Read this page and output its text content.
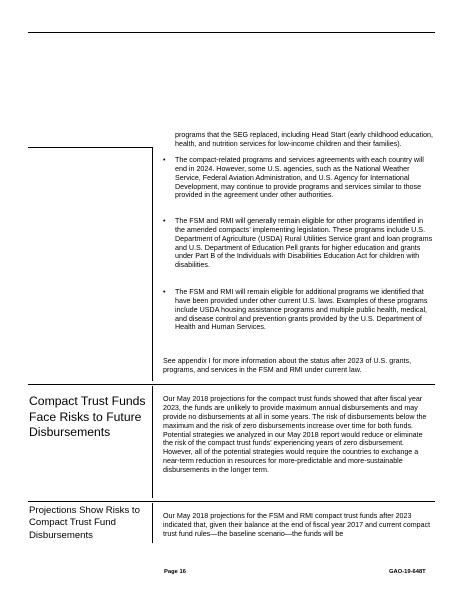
programs that the SEG replaced, including Head Start (early childhood education, health, and nutrition services for low-income children and their families).

•	The compact-related programs and services agreements with each country will end in 2024. However, some U.S. agencies, such as the National Weather Service, Federal Aviation Administration, and U.S. Agency for International Development, may continue to provide programs and services similar to those provided in the agreement under other authorities.
•	The FSM and RMI will generally remain eligible for other programs identified in the amended compacts’ implementing legislation. These programs include U.S. Department of Agriculture (USDA) Rural Utilities Service grant and loan programs and U.S. Department of Education Pell grants for higher education and grants under Part B of the Individuals with Disabilities Education Act for children with disabilities.
•	The FSM and RMI will remain eligible for additional programs we identified that have been provided under other current U.S. laws. Examples of these programs include USDA housing assistance programs and multiple public health, medical, and disease control and prevention grants provided by the U.S. Department of Health and Human Services.

See appendix I for more information about the status after 2023 of U.S. grants, programs, and services in the FSM and RMI under current law.

Compact Trust Funds Face Risks to Future Disbursements

Our May 2018 projections for the compact trust funds showed that after fiscal year 2023, the funds are unlikely to provide maximum annual disbursements and may provide no disbursements at all in some years. The risk of disbursements below the maximum and the risk of zero disbursements increase over time for both funds. Potential strategies we analyzed in our May 2018 report would reduce or eliminate the risk of the compact trust funds’ experiencing years of zero disbursement. However, all of the potential strategies would require the countries to exchange a near-term reduction in resources for more-predictable and more-sustainable disbursements in the longer term.

Projections Show Risks to Compact Trust Fund Disbursements

Our May 2018 projections for the FSM and RMI compact trust funds after 2023 indicated that, given their balance at the end of fiscal year 2017 and current compact trust fund rules—the baseline scenario—the funds will be

Page 16	GAO-19-648T
